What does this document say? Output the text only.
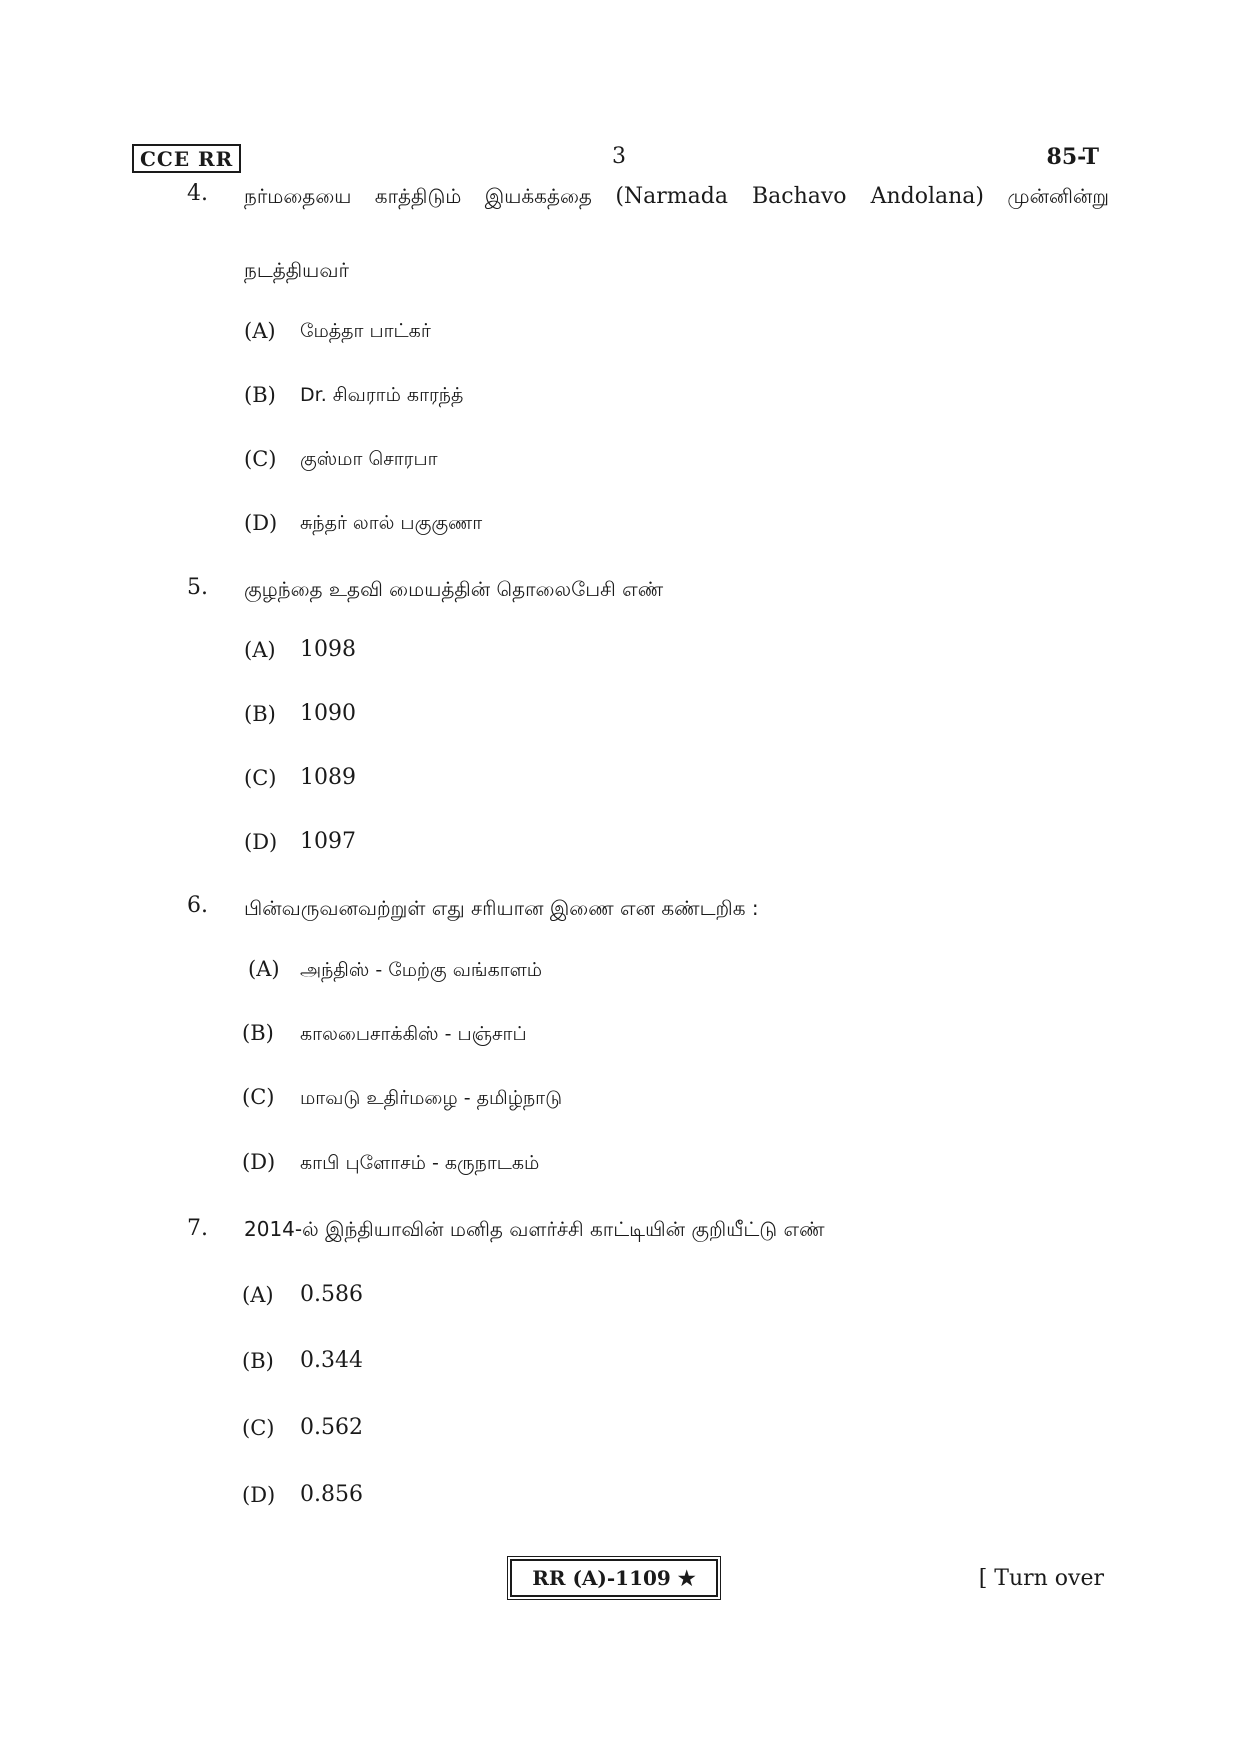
CCE RR	3	85-T
4. நர்மதையை காத்திடும் இயக்கத்தை (Narmada Bachavo Andolana) முன்னின்று
நடத்தியவர்
(A) மேத்தா பாட்கர்
(B) Dr. சிவராம் காரந்த்
(C) குஸ்மா சொரபா
(D) சுந்தர் லால் பகுகுணா
5. குழந்தை உதவி மையத்தின் தொலைபேசி எண்
(A) 1098
(B) 1090
(C) 1089
(D) 1097
6. பின்வருவனவற்றுள் எது சரியான இணை என கண்டறிக :
(A) அந்திஸ் - மேற்கு வங்காளம்
(B) காலபைசாக்கிஸ் - பஞ்சாப்
(C) மாவடு உதிர்மழை - தமிழ்நாடு
(D) காபி புளோசம் - கருநாடகம்
7. 2014-ல் இந்தியாவின் மனித வளர்ச்சி காட்டியின் குறியீட்டு எண்
(A) 0.586
(B) 0.344
(C) 0.562
(D) 0.856
RR (A)-1109 ★	[ Turn over
